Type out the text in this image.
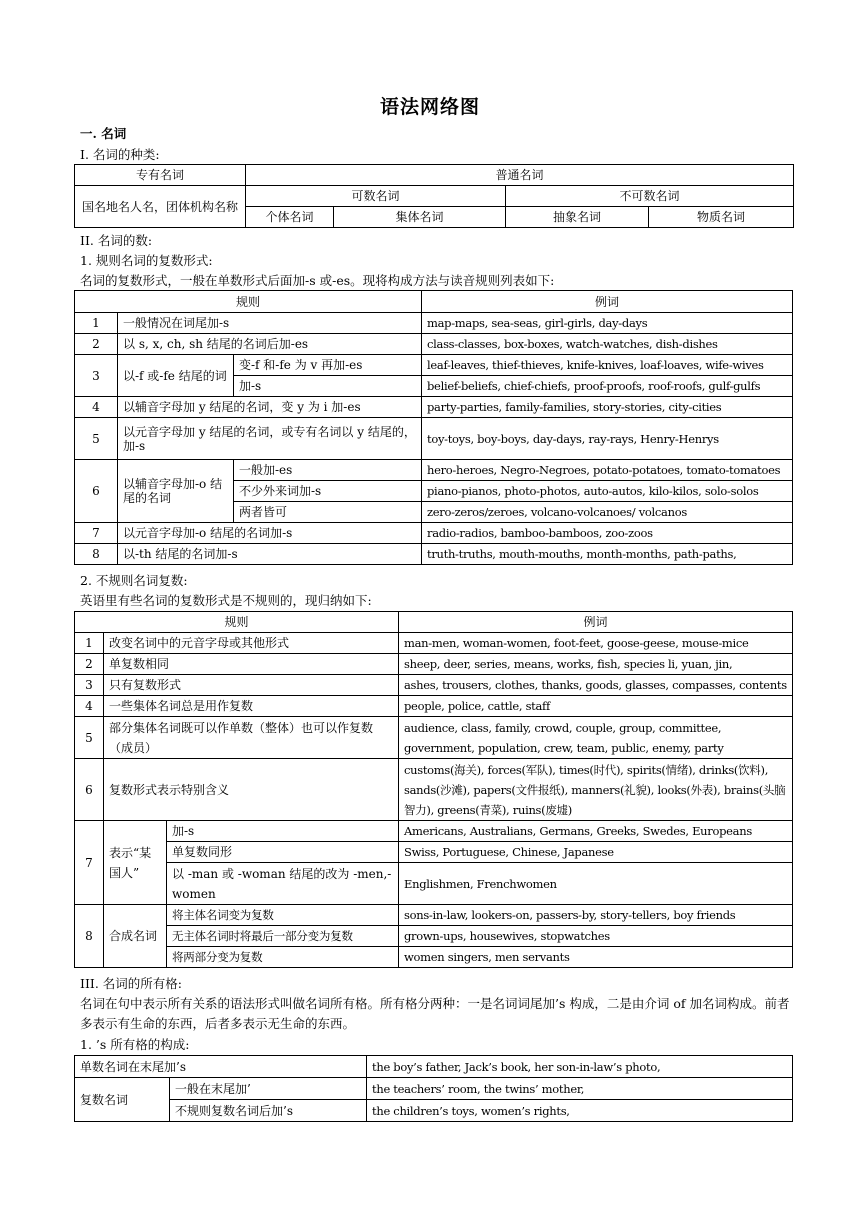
语法网络图
一. 名词
I. 名词的种类:
专有名词	普通名词			
国名地名人名，团体机构名称	可数名词		不可数名词	
	个体名词	集体名词	抽象名词	物质名词
II. 名词的数:
1. 规则名词的复数形式:
名词的复数形式，一般在单数形式后面加-s 或-es。现将构成方法与读音规则列表如下:
规则			例词
1	一般情况在词尾加-s		map-maps, sea-seas, girl-girls, day-days
2	以 s, x, ch, sh 结尾的名词后加-es		class-classes, box-boxes, watch-watches, dish-dishes
3	以-f 或-fe 结尾的词	变-f 和-fe 为 v 再加-es	leaf-leaves, thief-thieves, knife-knives, loaf-loaves, wife-wives
		加-s	belief-beliefs, chief-chiefs, proof-proofs, roof-roofs, gulf-gulfs
4	以辅音字母加 y 结尾的名词，变 y 为 i 加-es		party-parties, family-families, story-stories, city-cities
5	以元音字母加 y 结尾的名词，或专有名词以 y 结尾的，加-s		toy-toys, boy-boys, day-days, ray-rays, Henry-Henrys
6	以辅音字母加-o 结尾的名词	一般加-es	hero-heroes, Negro-Negroes, potato-potatoes, tomato-tomatoes
		不少外来词加-s	piano-pianos, photo-photos, auto-autos, kilo-kilos, solo-solos
		两者皆可	zero-zeros/zeroes, volcano-volcanoes/ volcanos
7	以元音字母加-o 结尾的名词加-s		radio-radios, bamboo-bamboos, zoo-zoos
8	以-th 结尾的名词加-s		truth-truths, mouth-mouths, month-months, path-paths,
2. 不规则名词复数:
英语里有些名词的复数形式是不规则的，现归纳如下:
规则			例词
1	改变名词中的元音字母或其他形式		man-men, woman-women, foot-feet, goose-geese, mouse-mice
2	单复数相同		sheep, deer, series, means, works, fish, species li, yuan, jin,
3	只有复数形式		ashes, trousers, clothes, thanks, goods, glasses, compasses, contents
4	一些集体名词总是用作复数		people, police, cattle, staff
5	部分集体名词既可以作单数（整体）也可以作复数（成员）		audience, class, family, crowd, couple, group, committee, government, population, crew, team, public, enemy, party
6	复数形式表示特别含义		customs(海关), forces(军队), times(时代), spirits(情绪), drinks(饮料), sands(沙滩), papers(文件报纸), manners(礼貌), looks(外表), brains(头脑智力), greens(青菜), ruins(废墟)
7	表示“某国人”	加-s	Americans, Australians, Germans, Greeks, Swedes, Europeans
		单复数同形	Swiss, Portuguese, Chinese, Japanese
		以 -man 或 -woman 结尾的改为 -men,-women	Englishmen, Frenchwomen
8	合成名词	将主体名词变为复数	sons-in-law, lookers-on, passers-by, story-tellers, boy friends
		无主体名词时将最后一部分变为复数	grown-ups, housewives, stopwatches
		将两部分变为复数	women singers, men servants
III. 名词的所有格:
名词在句中表示所有关系的语法形式叫做名词所有格。所有格分两种：一是名词词尾加’s 构成，二是由介词 of 加名词构成。前者多表示有生命的东西，后者多表示无生命的东西。
1. ’s 所有格的构成:
单数名词在末尾加’s		the boy’s father, Jack’s book, her son-in-law’s photo,
复数名词	一般在末尾加’	the teachers’ room, the twins’ mother,
	不规则复数名词后加’s	the children’s toys, women’s rights,
